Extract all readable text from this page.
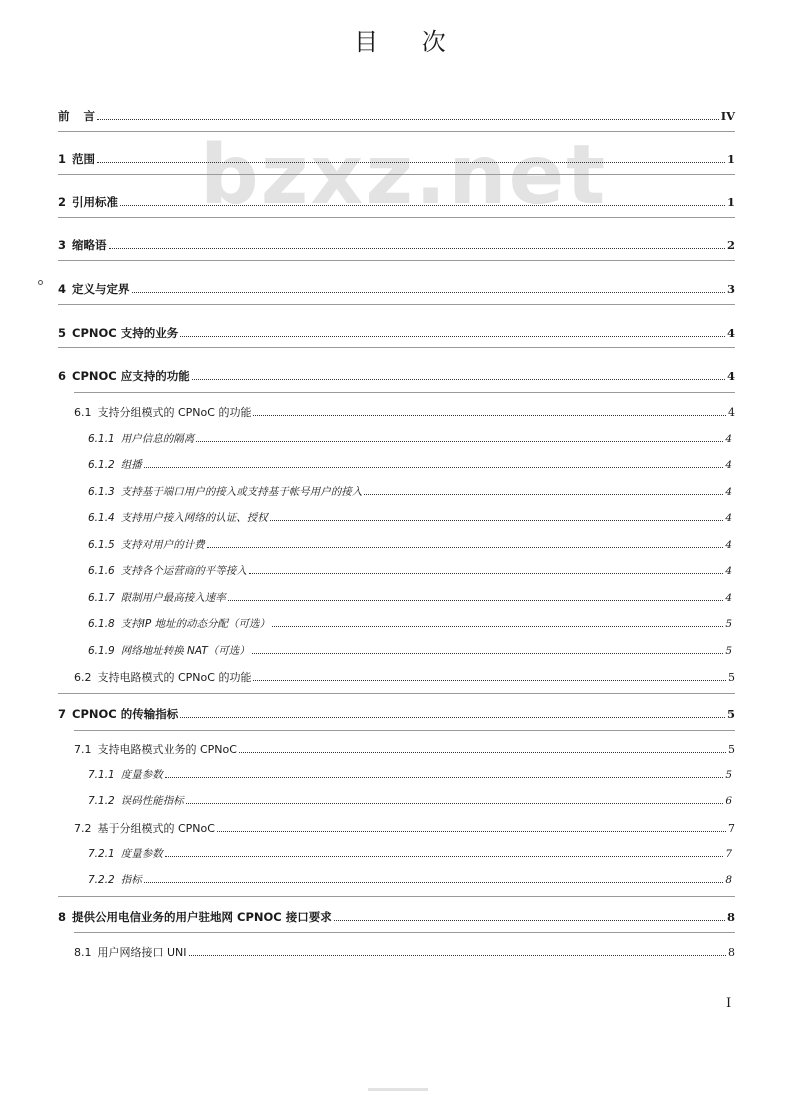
目 次
bzxz.net
前 言	IV
1 范围	1
2 引用标准	1
3 缩略语	2
4 定义与定界	3
5 CPNOC 支持的业务	4
6 CPNOC 应支持的功能	4
6.1 支持分组模式的 CPNoC 的功能	4
6.1.1 用户信息的隔离	4
6.1.2 组播	4
6.1.3 支持基于端口用户的接入或支持基于帐号用户的接入	4
6.1.4 支持用户接入网络的认证、授权	4
6.1.5 支持对用户的计费	4
6.1.6 支持各个运营商的平等接入	4
6.1.7 限制用户最高接入速率	4
6.1.8 支持IP 地址的动态分配（可选）	5
6.1.9 网络地址转换 NAT（可选）	5
6.2 支持电路模式的 CPNoC 的功能	5
7 CPNOC 的传输指标	5
7.1 支持电路模式业务的 CPNoC	5
7.1.1 度量参数	5
7.1.2 误码性能指标	6
7.2 基于分组模式的 CPNoC	7
7.2.1 度量参数	7
7.2.2 指标	8
8 提供公用电信业务的用户驻地网 CPNOC 接口要求	8
8.1 用户网络接口 UNI	8
I
